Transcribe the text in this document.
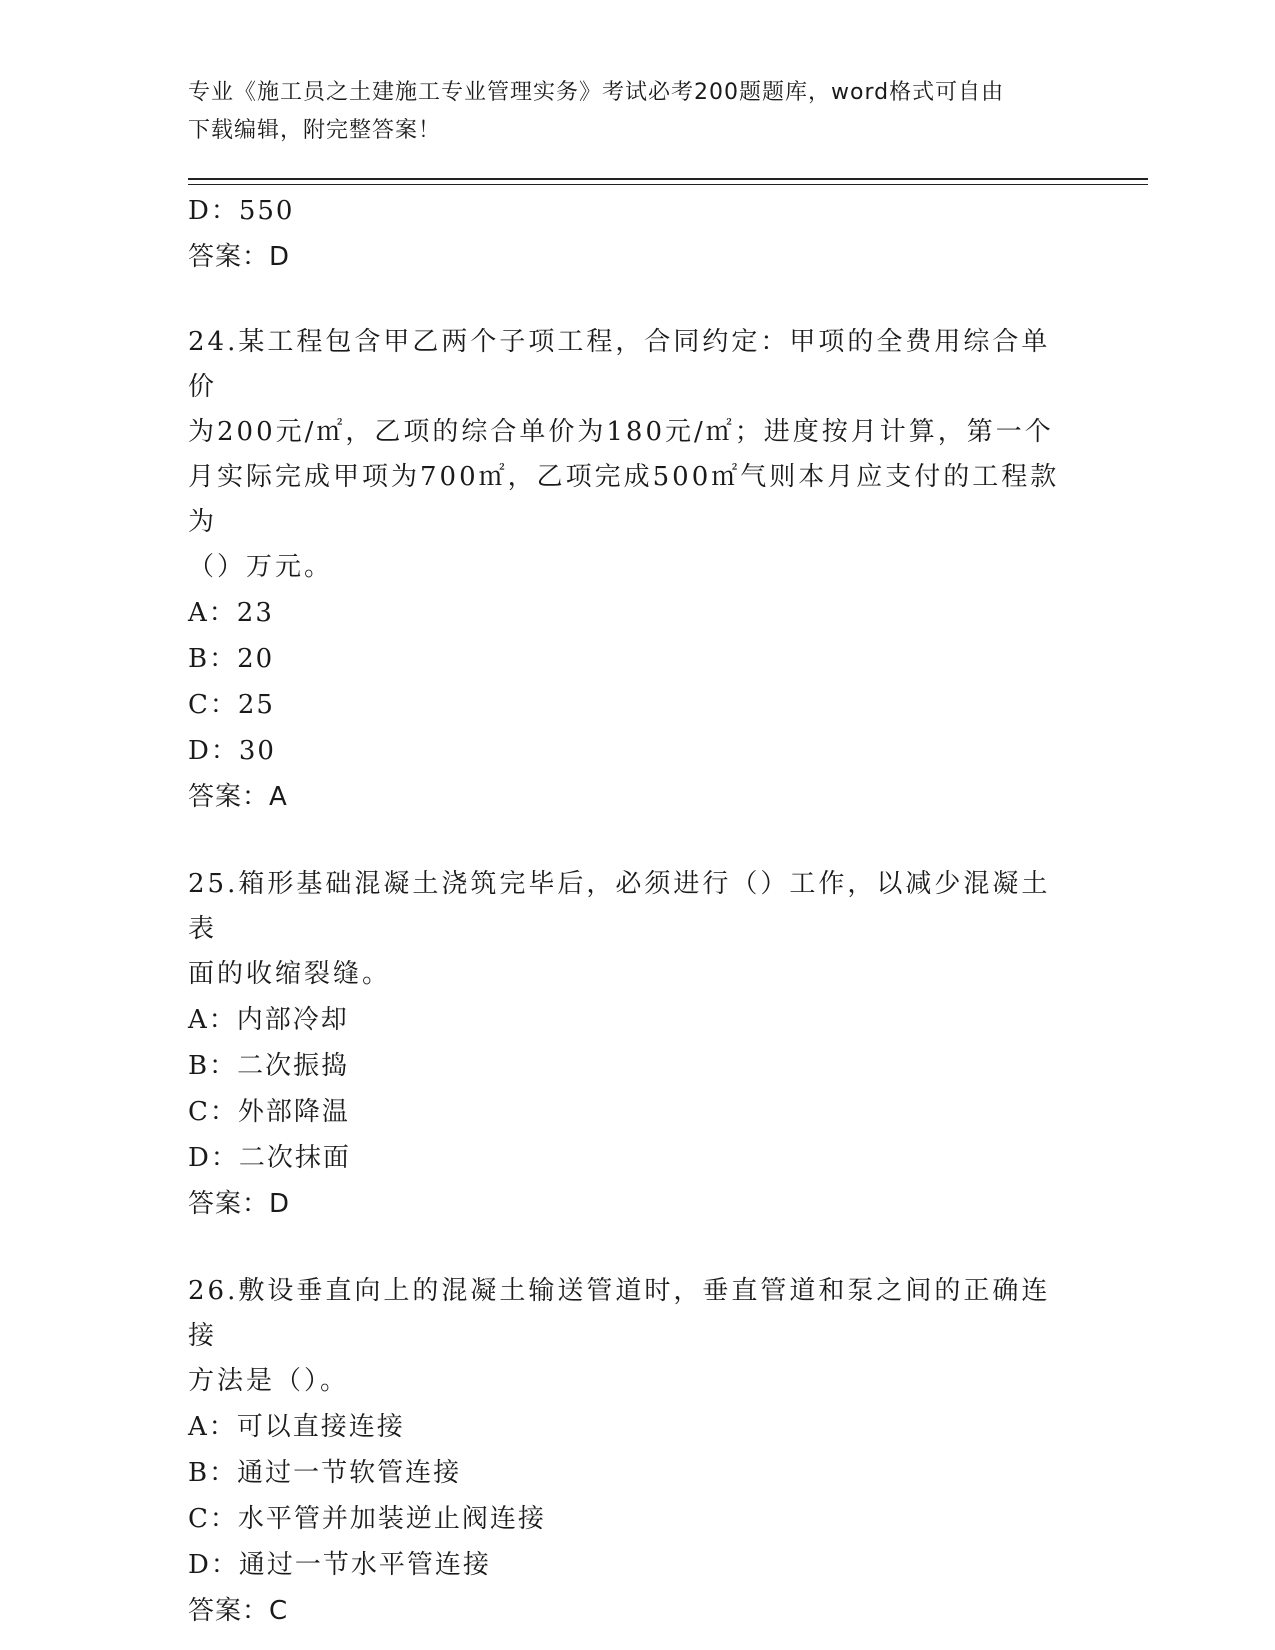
专业《施工员之土建施工专业管理实务》考试必考200题题库，word格式可自由
下载编辑，附完整答案！
D：550
答案：D
24.某工程包含甲乙两个子项工程，合同约定：甲项的全费用综合单价
为200元/㎡，乙项的综合单价为180元/㎡；进度按月计算，第一个
月实际完成甲项为700㎡，乙项完成500㎡气则本月应支付的工程款为
（）万元。
A：23
B：20
C：25
D：30
答案：A
25.箱形基础混凝土浇筑完毕后，必须进行（）工作，以减少混凝土表
面的收缩裂缝。
A：内部冷却
B：二次振捣
C：外部降温
D：二次抹面
答案：D
26.敷设垂直向上的混凝土输送管道时，垂直管道和泵之间的正确连接
方法是（）。
A：可以直接连接
B：通过一节软管连接
C：水平管并加装逆止阀连接
D：通过一节水平管连接
答案：C
